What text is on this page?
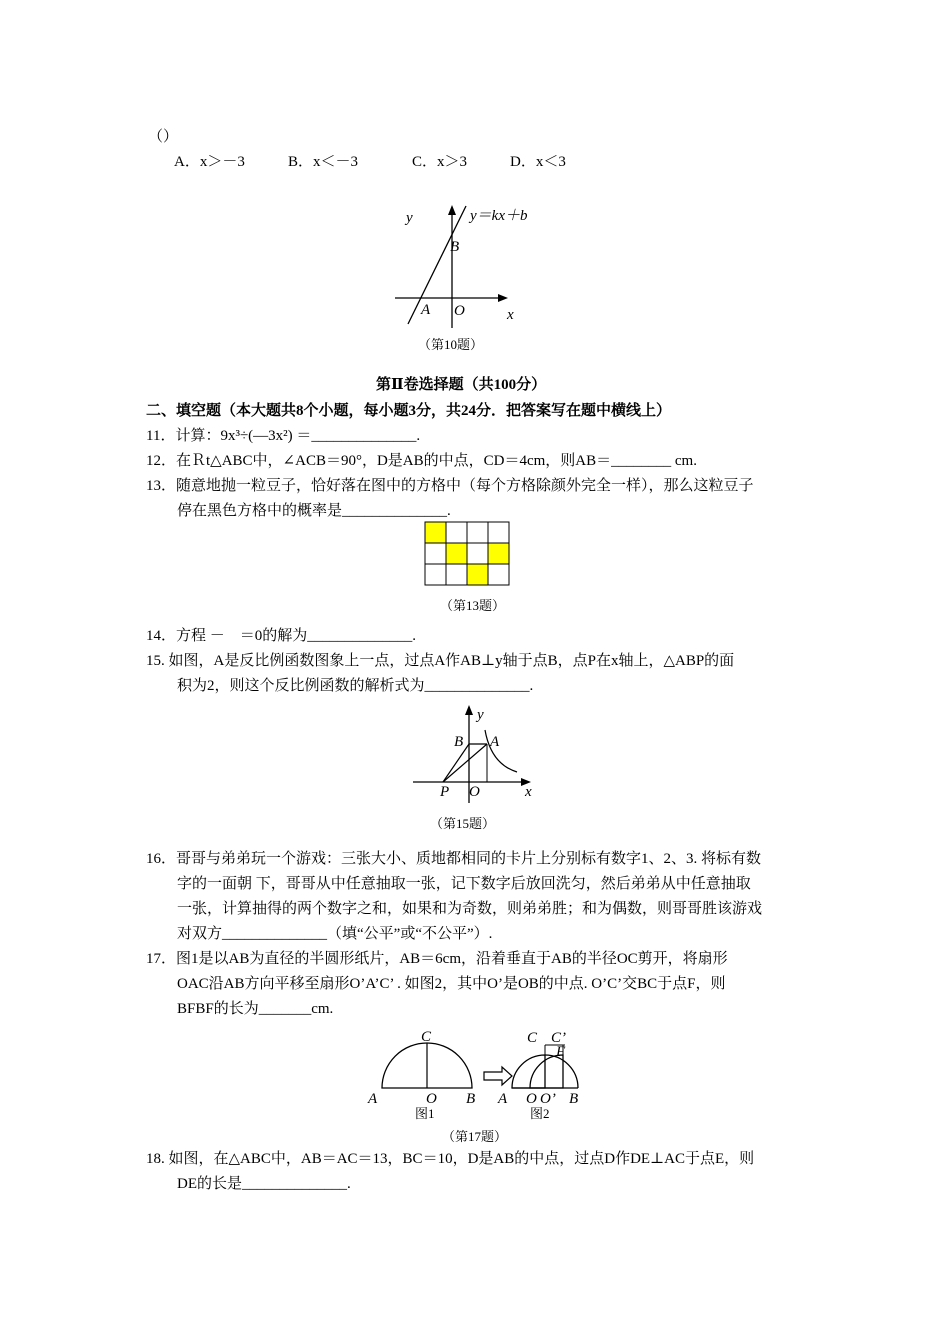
（）
A．x＞－3	B．x＜－3	C．x＞3	D．x＜3
y	y＝kx＋b
B
A O	x
（第10题）
第Ⅱ卷选择题（共100分）
二、填空题（本大题共8个小题，每小题3分，共24分．把答案写在题中横线上）
11．计算：9x³÷(—3x²) ＝______________.
12．在Ｒt△ABC中，∠ACB＝90°，D是AB的中点，CD＝4cm，则AB＝________ cm.
13．随意地抛一粒豆子，恰好落在图中的方格中（每个方格除颜外完全一样），那么这粒豆子
停在黑色方格中的概率是______________.
（第13题）
14．方程 －　＝0的解为______________.
15. 如图，A是反比例函数图象上一点，过点A作AB⊥y轴于点B，点P在x轴上，△ABP的面
积为2，则这个反比例函数的解析式为______________.
y
B A
P O	x
（第15题）
16．哥哥与弟弟玩一个游戏：三张大小、质地都相同的卡片上分别标有数字1、2、3. 将标有数
字的一面朝 下，哥哥从中任意抽取一张，记下数字后放回洗匀，然后弟弟从中任意抽取
一张，计算抽得的两个数字之和，如果和为奇数，则弟弟胜；和为偶数，则哥哥胜该游戏
对双方______________（填“公平”或“不公平”）.
17．图1是以AB为直径的半圆形纸片，AB＝6cm，沿着垂直于AB的半径OC剪开，将扇形
OAC沿AB方向平移至扇形O’A’C’ . 如图2，其中O’是OB的中点. O’C’交BC于点F，则
BFBF的长为_______cm.
C
A	O B
图1
C C’
F
A O O’ B
图2
（第17题）
18. 如图，在△ABC中，AB＝AC＝13，BC＝10，D是AB的中点，过点D作DE⊥AC于点E，则
DE的长是______________.
